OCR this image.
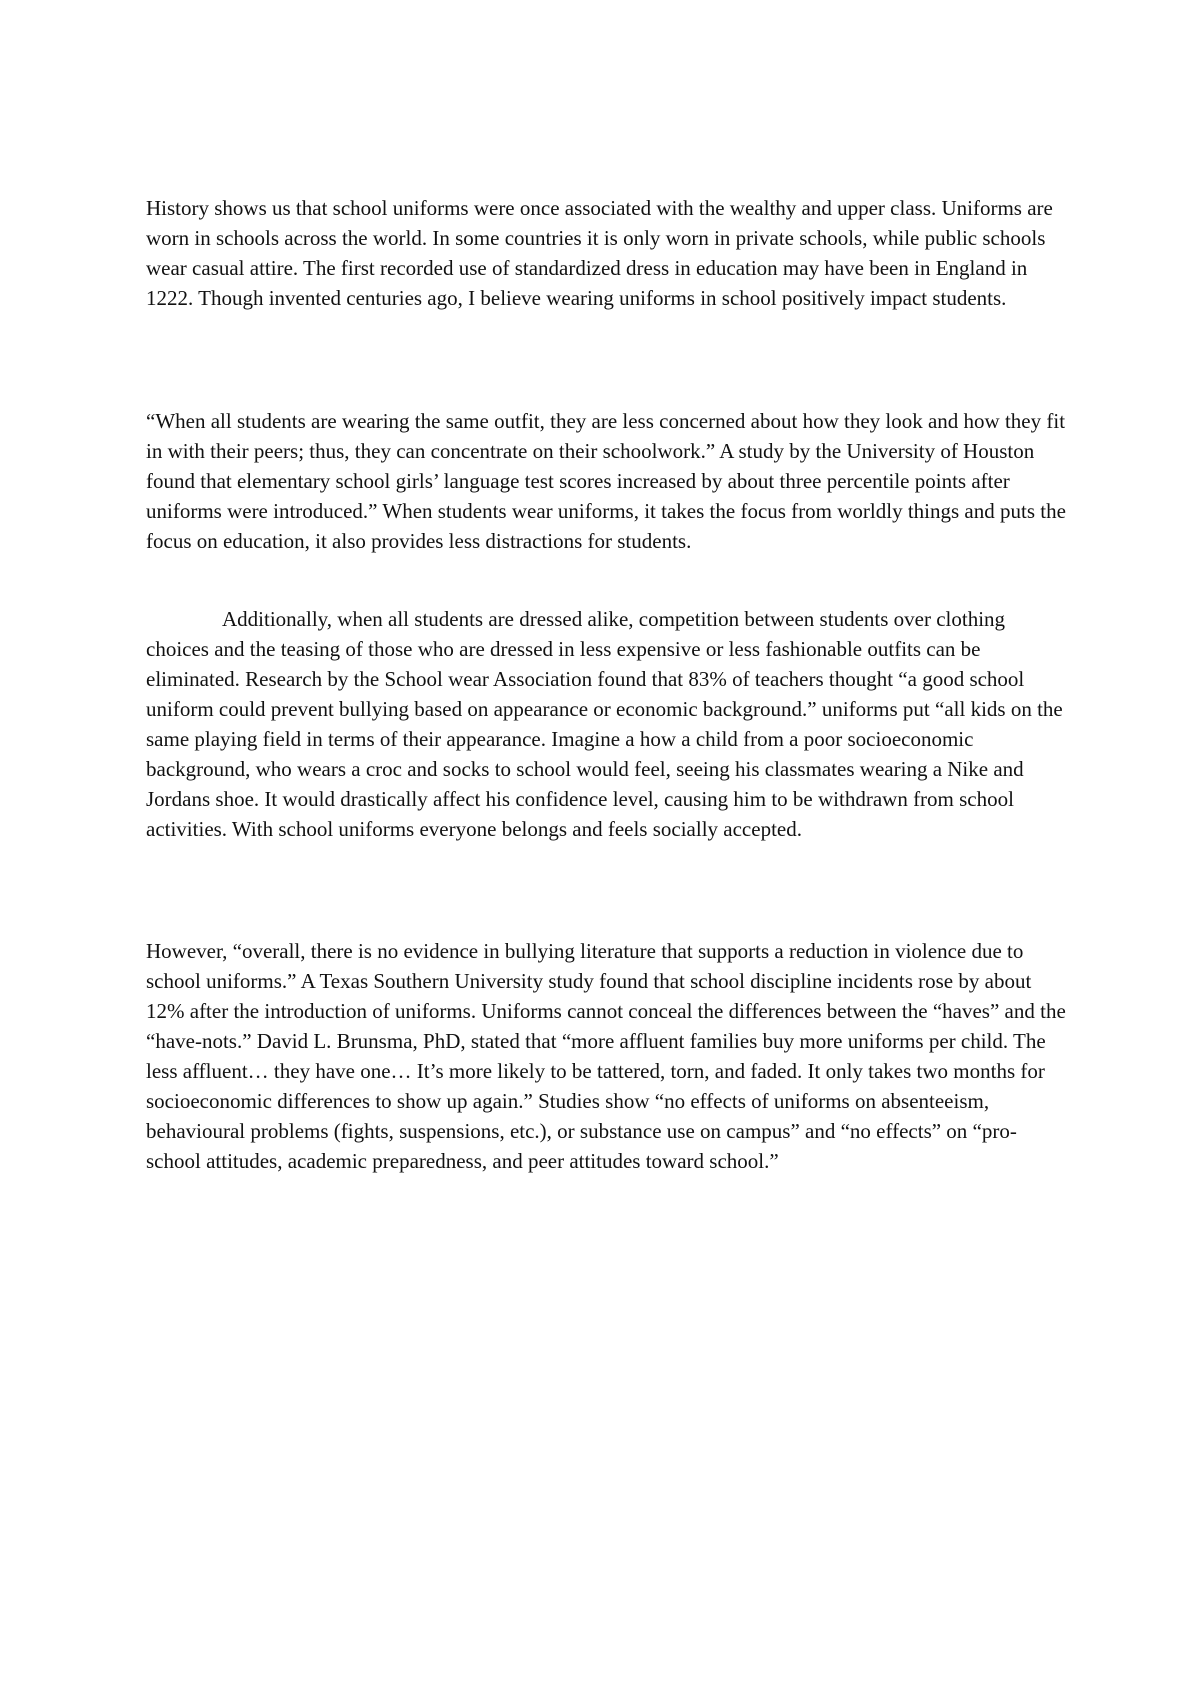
History shows us that school uniforms were once associated with the wealthy and upper class. Uniforms are worn in schools across the world. In some countries it is only worn in private schools, while public schools wear casual attire. The first recorded use of standardized dress in education may have been in England in 1222. Though invented centuries ago, I believe wearing uniforms in school positively impact students.

“When all students are wearing the same outfit, they are less concerned about how they look and how they fit in with their peers; thus, they can concentrate on their schoolwork.” A study by the University of Houston found that elementary school girls’ language test scores increased by about three percentile points after uniforms were introduced.” When students wear uniforms, it takes the focus from worldly things and puts the focus on education, it also provides less distractions for students.

Additionally, when all students are dressed alike, competition between students over clothing choices and the teasing of those who are dressed in less expensive or less fashionable outfits can be eliminated. Research by the School wear Association found that 83% of teachers thought “a good school uniform could prevent bullying based on appearance or economic background.” uniforms put “all kids on the same playing field in terms of their appearance. Imagine a how a child from a poor socioeconomic background, who wears a croc and socks to school would feel, seeing his classmates wearing a Nike and Jordans shoe. It would drastically affect his confidence level, causing him to be withdrawn from school activities. With school uniforms everyone belongs and feels socially accepted.

However, “overall, there is no evidence in bullying literature that supports a reduction in violence due to school uniforms.” A Texas Southern University study found that school discipline incidents rose by about 12% after the introduction of uniforms. Uniforms cannot conceal the differences between the “haves” and the “have-nots.” David L. Brunsma, PhD, stated that “more affluent families buy more uniforms per child. The less affluent… they have one… It’s more likely to be tattered, torn, and faded. It only takes two months for socioeconomic differences to show up again.” Studies show “no effects of uniforms on absenteeism, behavioural problems (fights, suspensions, etc.), or substance use on campus” and “no effects” on “pro-school attitudes, academic preparedness, and peer attitudes toward school.”
